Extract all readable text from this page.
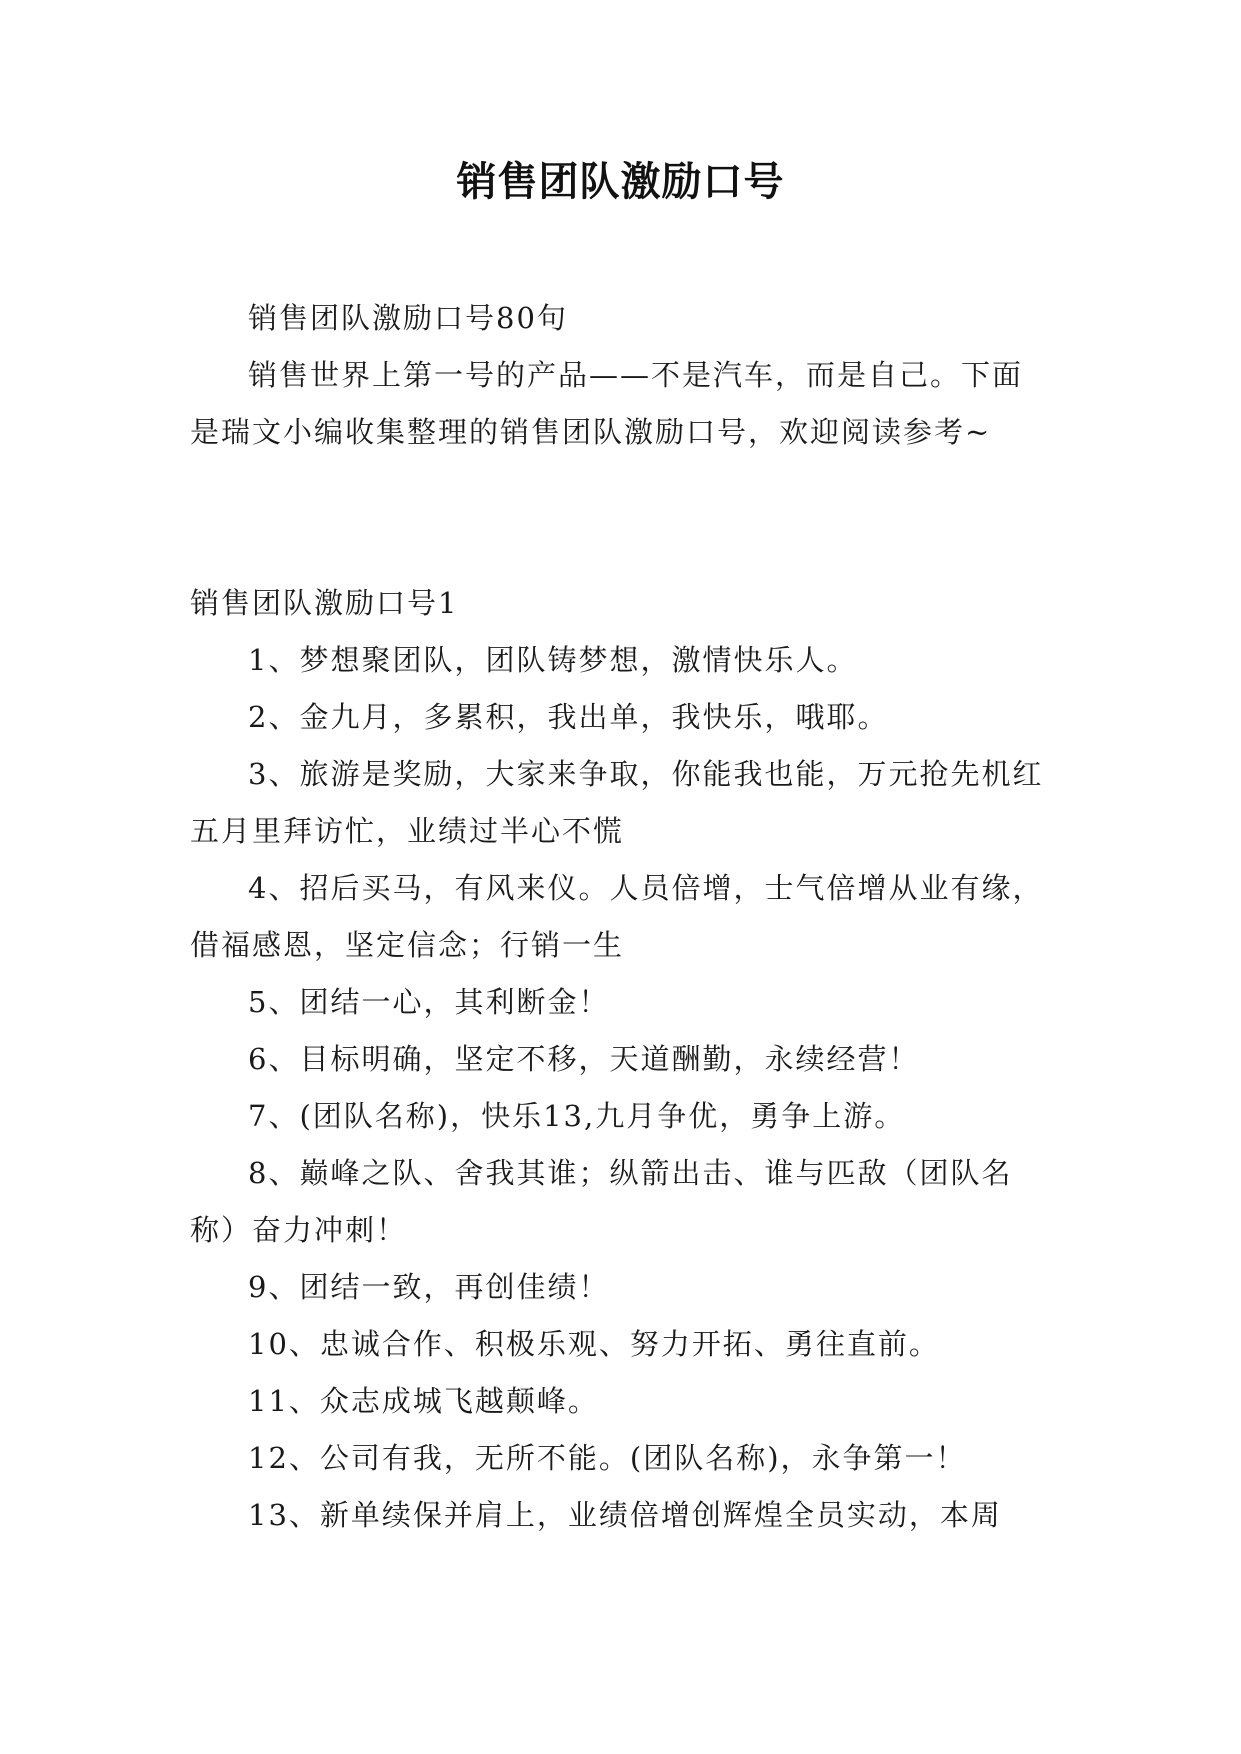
销售团队激励口号

销售团队激励口号80句

销售世界上第一号的产品——不是汽车，而是自己。下面是瑞文小编收集整理的销售团队激励口号，欢迎阅读参考~

销售团队激励口号1

1、梦想聚团队，团队铸梦想，激情快乐人。

2、金九月，多累积，我出单，我快乐，哦耶。

3、旅游是奖励，大家来争取，你能我也能，万元抢先机红五月里拜访忙，业绩过半心不慌

4、招后买马，有风来仪。人员倍增，士气倍增从业有缘，借福感恩，坚定信念；行销一生

5、团结一心，其利断金！

6、目标明确，坚定不移，天道酬勤，永续经营！

7、(团队名称)，快乐13,九月争优，勇争上游。

8、巅峰之队、舍我其谁；纵箭出击、谁与匹敌（团队名称）奋力冲刺！

9、团结一致，再创佳绩！

10、忠诚合作、积极乐观、努力开拓、勇往直前。

11、众志成城飞越颠峰。

12、公司有我，无所不能。(团队名称)，永争第一！

13、新单续保并肩上，业绩倍增创辉煌全员实动，本周
